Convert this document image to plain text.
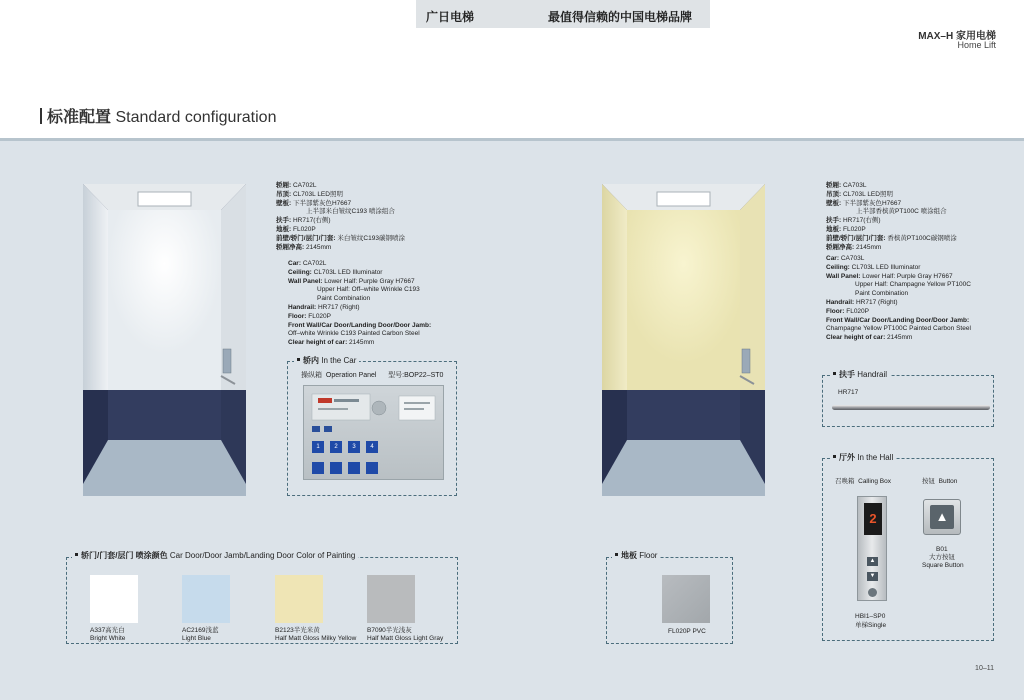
广日电梯	最值得信赖的中国电梯品牌
MAX–H 家用电梯
Home Lift
标准配置 Standard configuration
轿厢: CA702L
吊顶: CL703L LED照明
壁板: 下半部紫灰色H7667
上半部米白皱纹C193 喷涂组合
扶手: HR717(右侧)
地板: FL020P
前壁/轿门/层门/门套: 米白皱纹C193碳钢喷涂
轿厢净高: 2145mm
Car: CA702L
Ceiling: CL703L LED Illuminator
Wall Panel: Lower Half: Purple Gray H7667
Upper Half: Off–white Wrinkle C193
Paint Combination
Handrail: HR717 (Right)
Floor: FL020P
Front Wall/Car Door/Landing Door/Door Jamb:
Off–white Wrinkle C193 Painted Carbon Steel
Clear height of car: 2145mm
轿内 In the Car
操纵箱 Operation Panel 型号:BOP22–ST0
1 2 3 4
轿厢: CA703L
吊顶: CL703L LED照明
壁板: 下半部紫灰色H7667
上半部香槟黄PT100C 喷涂组合
扶手: HR717(右侧)
地板: FL020P
前壁/轿门/层门/门套: 香槟黄PT100C碳钢喷涂
轿厢净高: 2145mm
Car: CA703L
Ceiling: CL703L LED Illuminator
Wall Panel: Lower Half: Purple Gray H7667
Upper Half: Champagne Yellow PT100C
Paint Combination
Handrail: HR717 (Right)
Floor: FL020P
Front Wall/Car Door/Landing Door/Door Jamb:
Champagne Yellow PT100C Painted Carbon Steel
Clear height of car: 2145mm
扶手 Handrail
HR717
厅外 In the Hall
召唤箱 Calling Box	按钮 Button
2
▲
▼
HBI1–SP0
单梯Single
▲
B01
大方按钮
Square Button
轿门/门套/层门 喷涂颜色 Car Door/Door Jamb/Landing Door Color of Painting
A337高光白
Bright White
AC2169浅蓝
Light Blue
B2123半光米黄
Half Matt Gloss Milky Yellow
B7090半光浅灰
Half Matt Gloss Light Gray
地板 Floor
FL020P PVC
10–11
